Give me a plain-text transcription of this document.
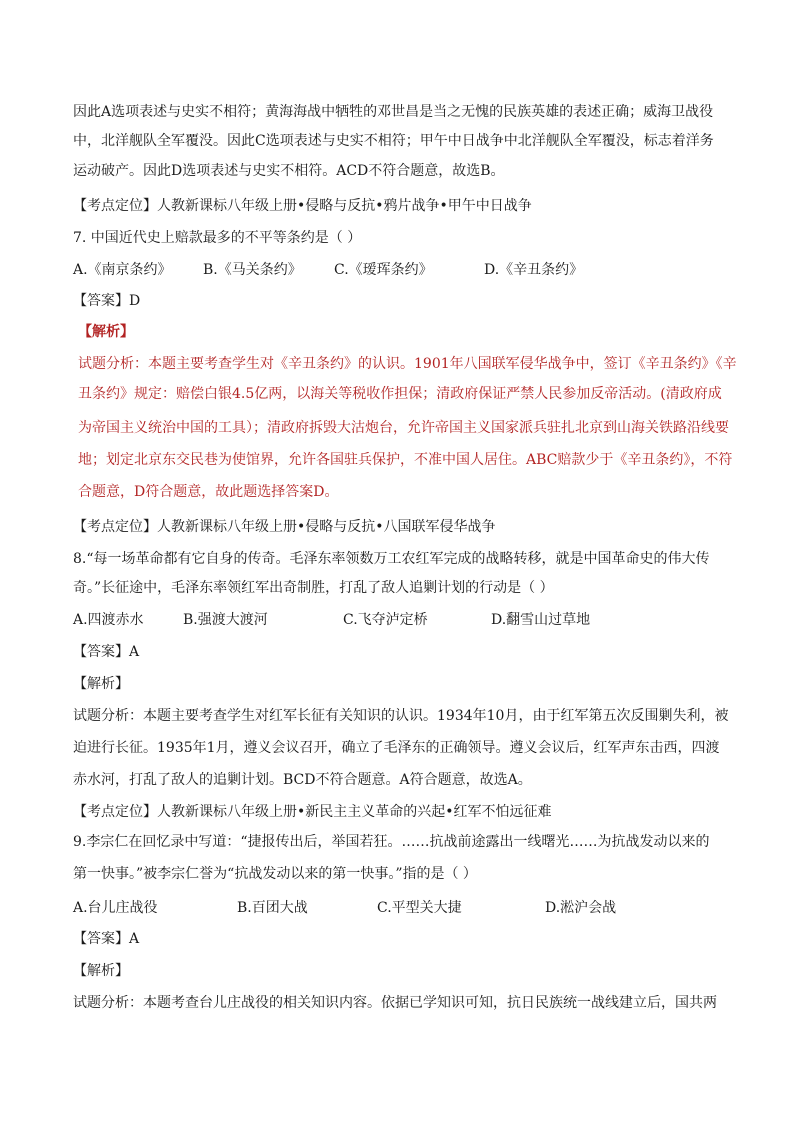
因此A选项表述与史实不相符；黄海海战中牺牲的邓世昌是当之无愧的民族英雄的表述正确；威海卫战役
中，北洋舰队全军覆没。因此C选项表述与史实不相符；甲午中日战争中北洋舰队全军覆没，标志着洋务
运动破产。因此D选项表述与史实不相符。ACD不符合题意，故选B。
【考点定位】人教新课标八年级上册•侵略与反抗•鸦片战争•甲午中日战争
7. 中国近代史上赔款最多的不平等条约是（ ）
A.《南京条约》 B.《马关条约》 C.《瑷珲条约》	D.《辛丑条约》
【答案】D
【解析】
试题分析：本题主要考查学生对《辛丑条约》的认识。1901年八国联军侵华战争中，签订《辛丑条约》《辛
丑条约》规定：赔偿白银4.5亿两，以海关等税收作担保；清政府保证严禁人民参加反帝活动。(清政府成
为帝国主义统治中国的工具）；清政府拆毁大沽炮台，允许帝国主义国家派兵驻扎北京到山海关铁路沿线要
地；划定北京东交民巷为使馆界，允许各国驻兵保护，不准中国人居住。ABC赔款少于《辛丑条约》，不符
合题意，D符合题意，故此题选择答案D。
【考点定位】人教新课标八年级上册•侵略与反抗•八国联军侵华战争
8.“每一场革命都有它自身的传奇。毛泽东率领数万工农红军完成的战略转移，就是中国革命史的伟大传
奇。”长征途中，毛泽东率领红军出奇制胜，打乱了敌人追剿计划的行动是（ ）
A.四渡赤水	B.强渡大渡河	C.飞夺泸定桥	D.翻雪山过草地
【答案】A
【解析】
试题分析：本题主要考查学生对红军长征有关知识的认识。1934年10月，由于红军第五次反围剿失利，被
迫进行长征。1935年1月，遵义会议召开，确立了毛泽东的正确领导。遵义会议后，红军声东击西，四渡
赤水河，打乱了敌人的追剿计划。BCD不符合题意。A符合题意，故选A。
【考点定位】人教新课标八年级上册•新民主主义革命的兴起•红军不怕远征难
9.李宗仁在回忆录中写道：“捷报传出后，举国若狂。……抗战前途露出一线曙光……为抗战发动以来的
第一快事。”被李宗仁誉为“抗战发动以来的第一快事。”指的是（ ）
A.台儿庄战役	B.百团大战	C.平型关大捷	D.淞沪会战
【答案】A
【解析】
试题分析：本题考查台儿庄战役的相关知识内容。依据已学知识可知，抗日民族统一战线建立后，国共两
